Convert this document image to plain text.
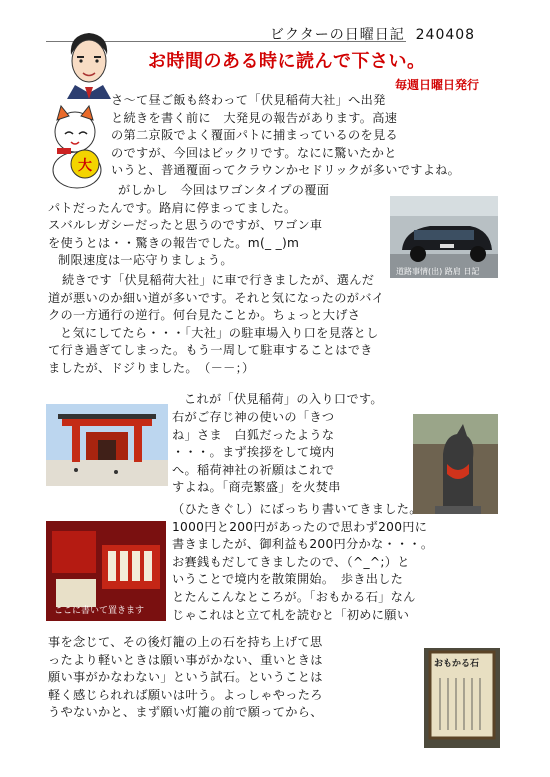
ビクターの日曜日記 240408
お時間のある時に読んで下さい。
毎週日曜日発行
大
さ～て昼ご飯も終わって「伏見稲荷大社」へ出発
と続きを書く前に　大発見の報告があります。高速
の第二京阪でよく覆面パトに捕まっているのを見る
のですが、今回はビックリです。なにに驚いたかと
いうと、普通覆面ってクラウンかセドリックが多いですよね。
がしかし　今回はワゴンタイプの覆面
パトだったんです。路肩に停まってました。
スバルレガシーだったと思うのですが、ワゴン車
を使うとは・・驚きの報告でした。m(_ _)m
制限速度は一応守りましょう。
道路事情(出) 路肩 日記
続きです「伏見稲荷大社」に車で行きましたが、選んだ
道が悪いのか細い道が多いです。それと気になったのがバイ
クの一方通行の逆行。何台見たことか。ちょっと大げさ
と気にしてたら・・・「大社」の駐車場入り口を見落とし
て行き過ぎてしまった。もう一周して駐車することはでき
ましたが、ドジりました。　（－－；）
これが「伏見稲荷」の入り口です。
右がご存じ神の使いの「きつ
ね」さま　白狐だったような
・・・。まず挨拶をして境内
へ。稲荷神社の祈願はこれで
すよね。「商売繁盛」を火焚串
（ひたきぐし）にばっちり書いてきました。
1000円と200円があったので思わず200円に
書きましたが、御利益も200円分かな・・・。
お賽銭もだしてきましたので、（^_^;）と
いうことで境内を散策開始。　歩き出した
とたんこんなところが。「おもかる石」なん
じゃこれはと立て札を読むと「初めに願い
ここに書いて置きます
事を念じて、その後灯籠の上の石を持ち上げて思
ったより軽いときは願い事がかない、重いときは
願い事がかなわない」という試石。ということは
軽く感じられれば願いは叶う。よっしゃやったろ
うやないかと、まず願い灯籠の前で願ってから、
おもかる石
